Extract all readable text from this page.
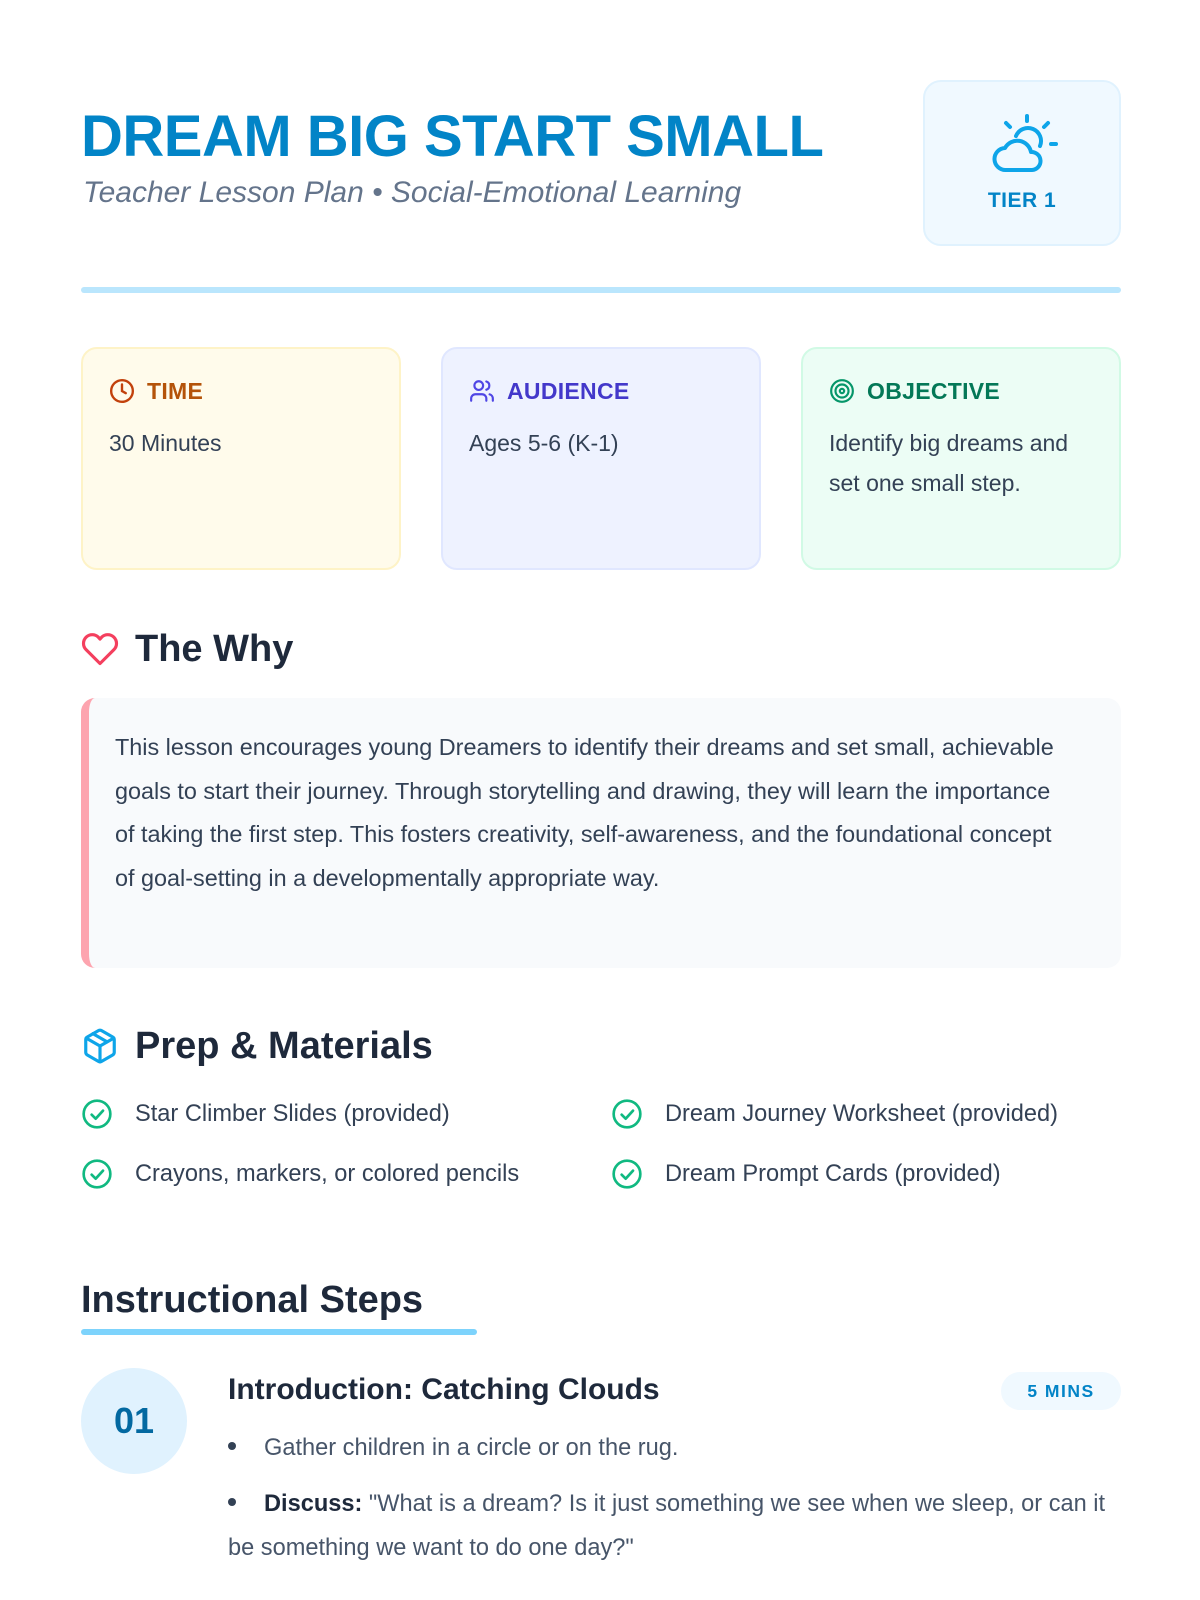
DREAM BIG START SMALL
Teacher Lesson Plan • Social-Emotional Learning	TIER 1
TIME
30 Minutes
AUDIENCE
Ages 5-6 (K-1)
OBJECTIVE
Identify big dreams and set one small step.
The Why
This lesson encourages young Dreamers to identify their dreams and set small, achievable goals to start their journey. Through storytelling and drawing, they will learn the importance of taking the first step. This fosters creativity, self-awareness, and the foundational concept of goal-setting in a developmentally appropriate way.
Prep & Materials
Star Climber Slides (provided)	Dream Journey Worksheet (provided)
Crayons, markers, or colored pencils	Dream Prompt Cards (provided)
Instructional Steps
01
Introduction: Catching Clouds	5 MINS
Gather children in a circle or on the rug.
Discuss: "What is a dream? Is it just something we see when we sleep, or can it be something we want to do one day?"
